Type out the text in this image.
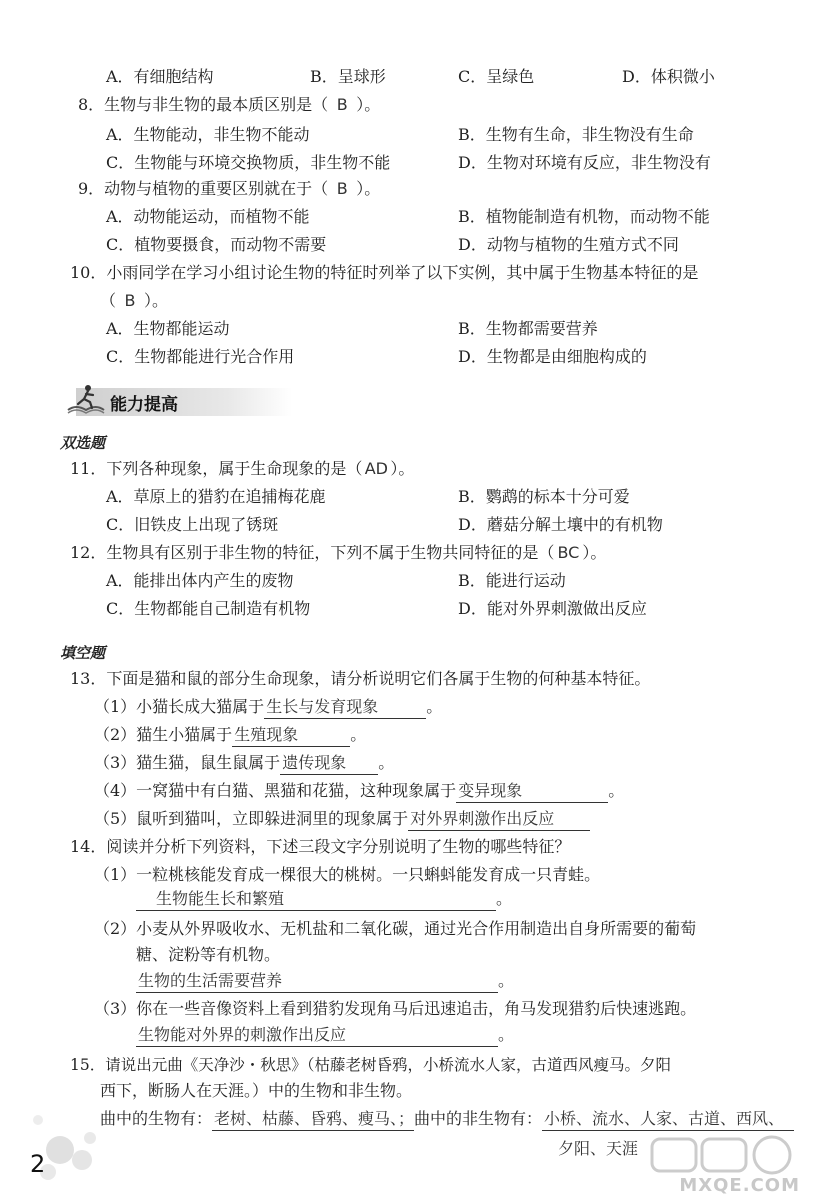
A．有细胞结构	B．呈球形	C．呈绿色	D．体积微小
8．生物与非生物的最本质区别是（ B ）。
A．生物能动，非生物不能动	B．生物有生命，非生物没有生命
C．生物能与环境交换物质，非生物不能	D．生物对环境有反应，非生物没有
9．动物与植物的重要区别就在于（ B ）。
A．动物能运动，而植物不能	B．植物能制造有机物，而动物不能
C．植物要摄食，而动物不需要	D．动物与植物的生殖方式不同
10．小雨同学在学习小组讨论生物的特征时列举了以下实例，其中属于生物基本特征的是
（ B ）。
A．生物都能运动	B．生物都需要营养
C．生物都能进行光合作用	D．生物都是由细胞构成的
能力提高
双选题
11．下列各种现象，属于生命现象的是（ AD ）。
A．草原上的猎豹在追捕梅花鹿	B．鹦鹉的标本十分可爱
C．旧铁皮上出现了锈斑	D．蘑菇分解土壤中的有机物
12．生物具有区别于非生物的特征，下列不属于生物共同特征的是（ BC ）。
A．能排出体内产生的废物	B．能进行运动
C．生物都能自己制造有机物	D．能对外界刺激做出反应
填空题
13．下面是猫和鼠的部分生命现象，请分析说明它们各属于生物的何种基本特征。
（1）小猫长成大猫属于 生长与发育现象	。
（2）猫生小猫属于 生殖现象	。
（3）猫生猫，鼠生鼠属于 遗传现象 。
（4）一窝猫中有白猫、黑猫和花猫，这种现象属于 变异现象	。
（5）鼠听到猫叫，立即躲进洞里的现象属于 对外界刺激作出反应
14．阅读并分析下列资料，下述三段文字分别说明了生物的哪些特征？
（1）一粒桃核能发育成一棵很大的桃树。一只蝌蚪能发育成一只青蛙。
生物能生长和繁殖	。
（2）小麦从外界吸收水、无机盐和二氧化碳，通过光合作用制造出自身所需要的葡萄
糖、淀粉等有机物。
生物的生活需要营养	。
（3）你在一些音像资料上看到猎豹发现角马后迅速追击，角马发现猎豹后快速逃跑。
生物能对外界的刺激作出反应	。
15．请说出元曲《天净沙・秋思》（枯藤老树昏鸦，小桥流水人家，古道西风瘦马。夕阳
西下，断肠人在天涯。）中的生物和非生物。
曲中的生物有： 老树、枯藤、昏鸦、瘦马、；曲中的非生物有： 小桥、流水、人家、古道、西风、
夕阳、天涯
2
MXQE.COM
